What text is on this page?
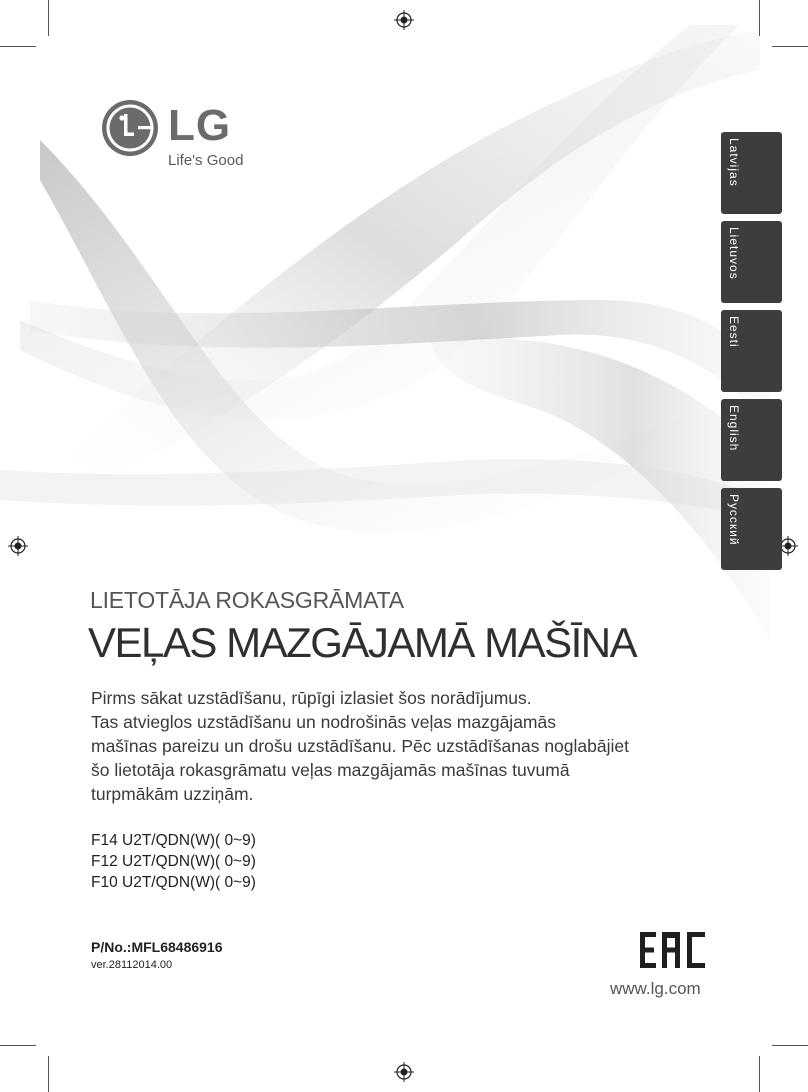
LG
Life's Good	Latvijas
Lietuvos
Eesti
English
Русский
LIETOTĀJA ROKASGRĀMATA
VEĻAS MAZGĀJAMĀ MAŠĪNA
Pirms sākat uzstādīšanu, rūpīgi izlasiet šos norādījumus.
Tas atvieglos uzstādīšanu un nodrošinās veļas mazgājamās
mašīnas pareizu un drošu uzstādīšanu. Pēc uzstādīšanas noglabājiet
šo lietotāja rokasgrāmatu veļas mazgājamās mašīnas tuvumā
turpmākām uzziņām.
F14 U2T/QDN(W)( 0~9)
F12 U2T/QDN(W)( 0~9)
F10 U2T/QDN(W)( 0~9)
P/No.:MFL68486916
ver.28112014.00
www.lg.com
